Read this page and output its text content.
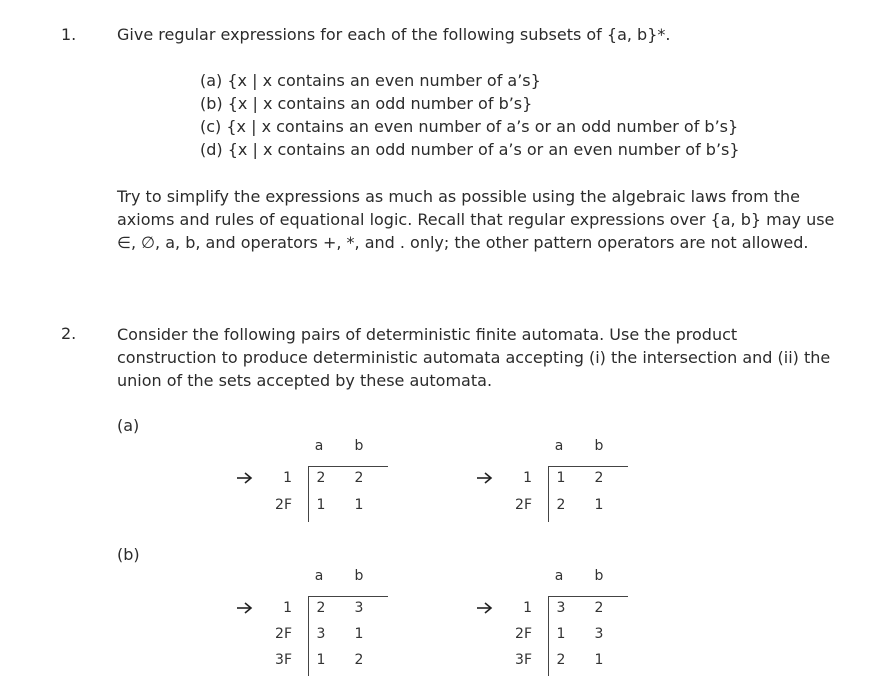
1.	Give regular expressions for each of the following subsets of {a, b}*.
(a) {x | x contains an even number of a’s}
(b) {x | x contains an odd number of b’s}
(c) {x | x contains an even number of a’s or an odd number of b’s}
(d) {x | x contains an odd number of a’s or an even number of b’s}
Try to simplify the expressions as much as possible using the algebraic laws from the
axioms and rules of equational logic. Recall that regular expressions over {a, b} may use
∈, ∅, a, b, and operators +, *, and . only; the other pattern operators are not allowed.
2.	Consider the following pairs of deterministic finite automata. Use the product
construction to produce deterministic automata accepting (i) the intersection and (ii) the
union of the sets accepted by these automata.
(a)
(b)
a	b
1	2	2
2F	1	1
a	b
1	1	2
2F	2	1
a	b
1	2	3
2F	3	1
3F	1	2
a	b
1	3	2
2F	1	3
3F	2	1
